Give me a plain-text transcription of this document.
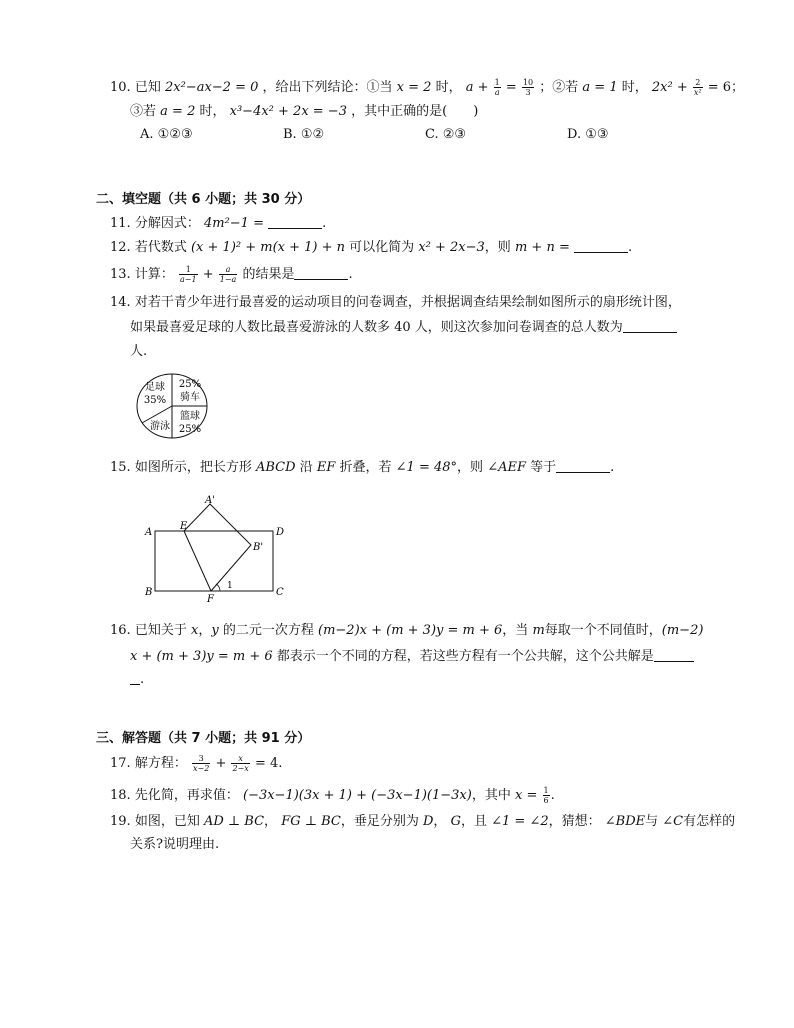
10. 已知 2x²−ax−2 = 0 ，给出下列结论：①当 x = 2 时， $a + \frac{1}{a} = \frac{10}{3}$ ；②若 a = 1 时， $2x^2 + \frac{2}{\text{x²}} = 6$；
③若 a = 2 时， x³−4x² + 2x = −3 ，其中正确的是(　　)
A. ①②③	B. ①②	C. ②③	D. ①③
二、填空题（共 6 小题；共 30 分）
11. 分解因式： 4m²−1 =	.
12. 若代数式 (x + 1)² + m(x + 1) + n 可以化简为 x² + 2x−3，则 m + n =	.
13. 计算： $\frac{1}{a-1} + \frac{a}{1-a}$ 的结果是	.
14. 对若干青少年进行最喜爱的运动项目的问卷调查，并根据调查结果绘制如图所示的扇形统计图，
如果最喜爱足球的人数比最喜爱游泳的人数多 40 人，则这次参加问卷调查的总人数为
人.
足球
35%
25%
骑车
篮球
25%
游泳
15. 如图所示，把长方形 ABCD 沿 EF 折叠，若 ∠1 = 48°，则 ∠AEF 等于	.
A'
A
E
D
B'
B
F
C
1
16. 已知关于 x，y 的二元一次方程 (m−2)x + (m + 3)y = m + 6，当 m每取一个不同值时，(m−2)
x + (m + 3)y = m + 6 都表示一个不同的方程，若这些方程有一个公共解，这个公共解是
.
三、解答题（共 7 小题；共 91 分）
17. 解方程： $\frac{3}{x-2} + \frac{x}{2-x} = 4$.
18. 先化简，再求值： (−3x−1)(3x + 1) + (−3x−1)(1−3x)，其中 $x = \frac{1}{6}$ .
19. 如图，已知 AD ⊥ BC， FG ⊥ BC，垂足分别为 D， G，且 ∠1 = ∠2，猜想： ∠BDE与 ∠C有怎样的
关系?说明理由.
